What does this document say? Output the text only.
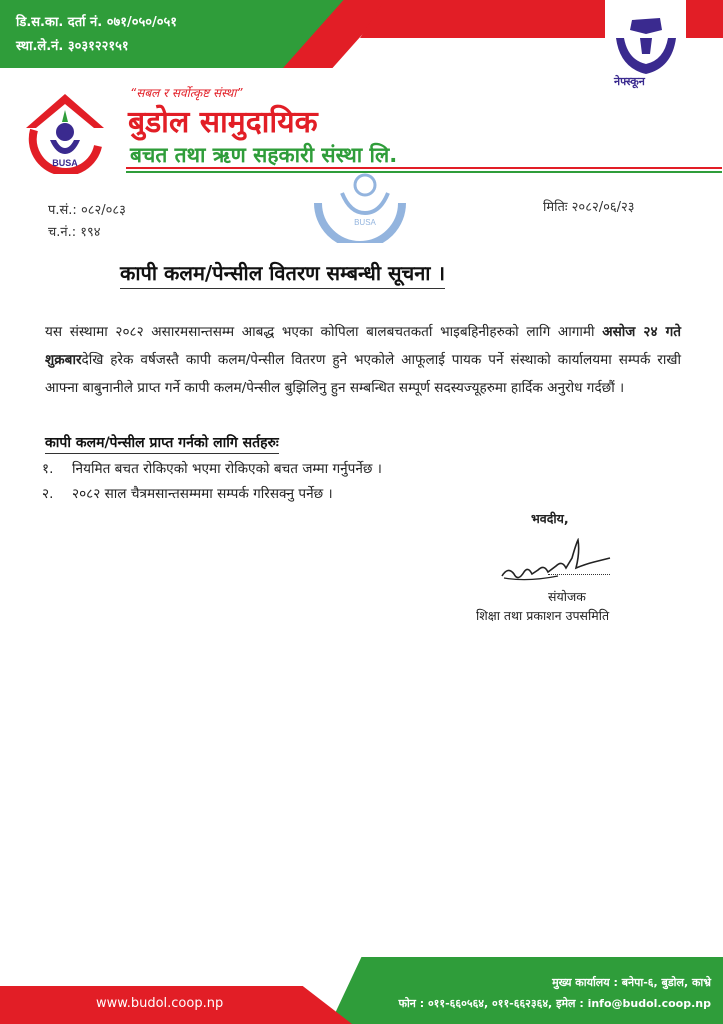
डि.स.का. दर्ता नं. ०७१/०५०/०५१
स्था.ले.नं. ३०३१२२१५१
BUSA
“सबल र सर्वोत्कृष्ट संस्था”
बुडोल सामुदायिक
बचत तथा ऋण सहकारी संस्था लि.
नेफ्स्कून
BUSA
प.सं.: ०८२/०८३
च.नं.: १९४
मितिः २०८२/०६/२३
कापी कलम/पेन्सील वितरण सम्बन्धी सूचना ।
यस संस्थामा २०८२ असारमसान्तसम्म आबद्ध भएका कोपिला बालबचतकर्ता भाइबहिनीहरुको लागि आगामी असोज २४ गते शुक्रबारदेखि हरेक वर्षजस्तै कापी कलम/पेन्सील वितरण हुने भएकोले आफूलाई पायक पर्ने संस्थाको कार्यालयमा सम्पर्क राखी आफ्ना बाबुनानीले प्राप्त गर्ने कापी कलम/पेन्सील बुझिलिनु हुन सम्बन्धित सम्पूर्ण सदस्यज्यूहरुमा हार्दिक अनुरोध गर्दछौं ।
कापी कलम/पेन्सील प्राप्त गर्नको लागि सर्तहरुः
१. नियमित बचत रोकिएको भएमा रोकिएको बचत जम्मा गर्नुपर्नेछ ।
२. २०८२ साल चैत्रमसान्तसम्ममा सम्पर्क गरिसक्नु पर्नेछ ।
भवदीय,
संयोजक
शिक्षा तथा प्रकाशन उपसमिति
www.budol.coop.np
मुख्य कार्यालय : बनेपा-६, बुडोल, काभ्रे
फोन : ०११-६६०५६४, ०११-६६२३६४, इमेल : info@budol.coop.np
